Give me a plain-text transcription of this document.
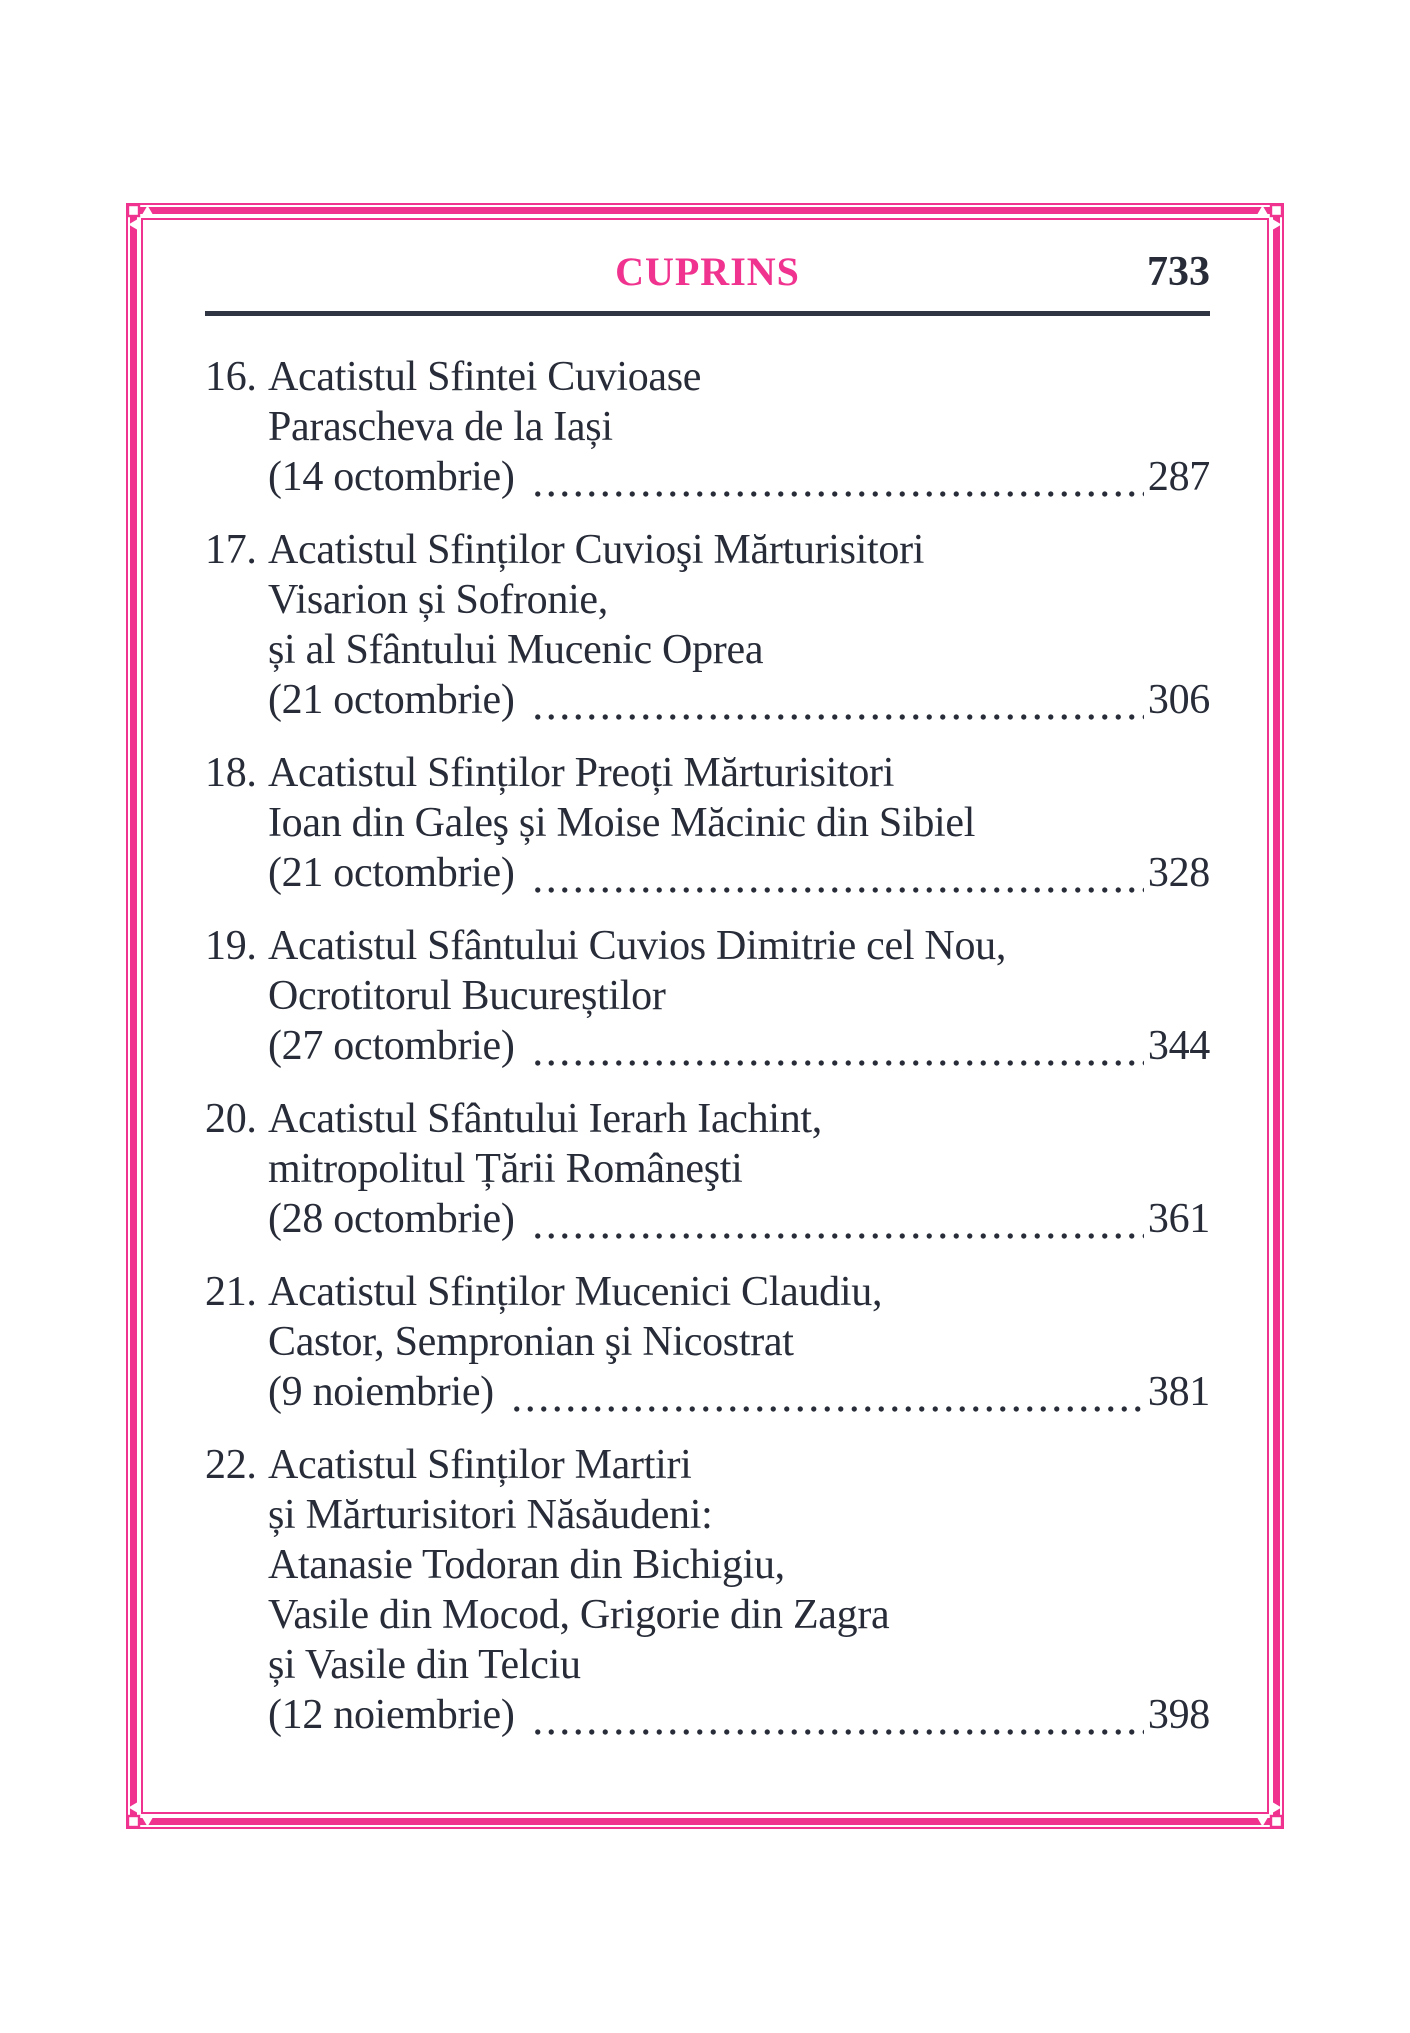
CUPRINS	733
16. Acatistul Sfintei Cuvioase
Parascheva de la Iași
(14 octombrie)	287
17. Acatistul Sfinților Cuvioşi Mărturisitori
Visarion și Sofronie,
și al Sfântului Mucenic Oprea
(21 octombrie)	306
18. Acatistul Sfinților Preoți Mărturisitori
Ioan din Galeş și Moise Măcinic din Sibiel
(21 octombrie)	328
19. Acatistul Sfântului Cuvios Dimitrie cel Nou,
Ocrotitorul Bucureștilor
(27 octombrie)	344
20. Acatistul Sfântului Ierarh Iachint,
mitropolitul Țării Româneşti
(28 octombrie)	361
21. Acatistul Sfinților Mucenici Claudiu,
Castor, Sempronian şi Nicostrat
(9 noiembrie)	381
22. Acatistul Sfinților Martiri
și Mărturisitori Năsăudeni:
Atanasie Todoran din Bichigiu,
Vasile din Mocod, Grigorie din Zagra
și Vasile din Telciu
(12 noiembrie)	398
